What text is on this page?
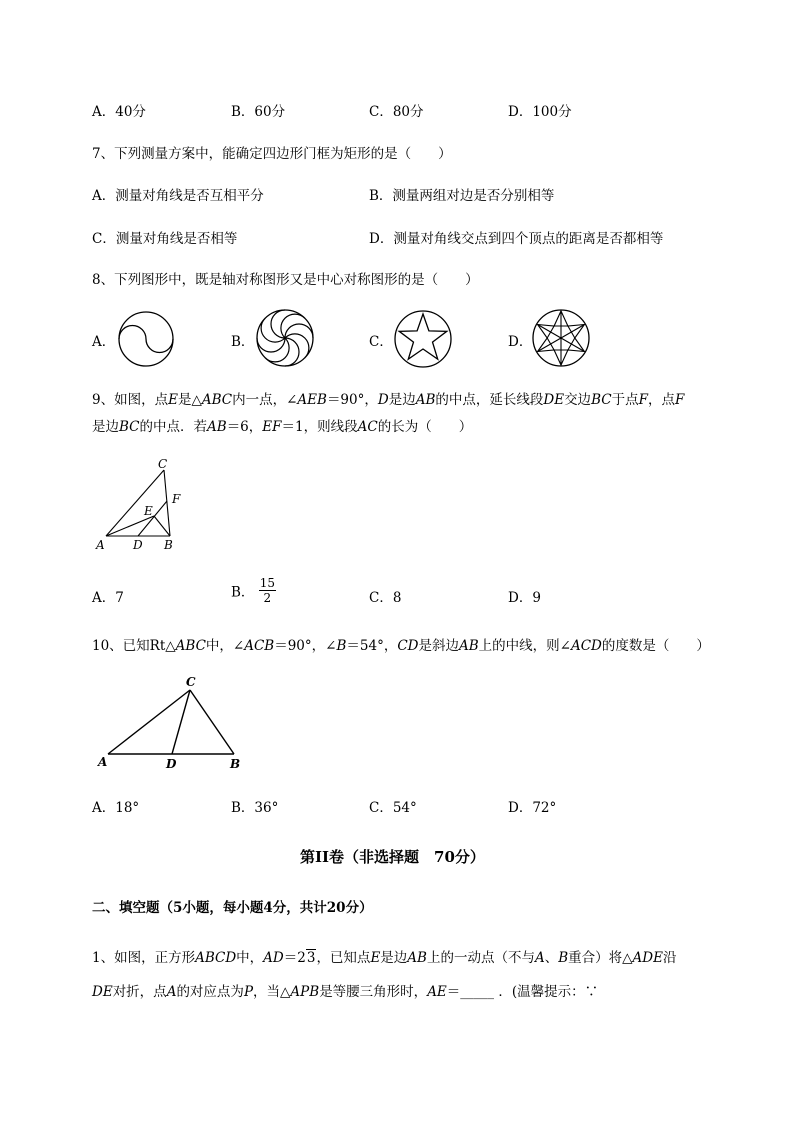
A．40分	B．60分	C．80分	D．100分
7、下列测量方案中，能确定四边形门框为矩形的是（　　）
A．测量对角线是否互相平分	B．测量两组对边是否分别相等
C．测量对角线是否相等	D．测量对角线交点到四个顶点的距离是否都相等
8、下列图形中，既是轴对称图形又是中心对称图形的是（　　）
A．	B．	C．	D．
9、如图，点E是△ABC内一点，∠AEB＝90°，D是边AB的中点，延长线段DE交边BC于点F，点F
是边BC的中点．若AB＝6，EF＝1，则线段AC的长为（　　）
C
F
E
A D B
A．7	B． $\frac{15}{2}$	C．8	D．9
10、已知Rt△ABC中，∠ACB＝90°，∠B＝54°，CD是斜边AB上的中线，则∠ACD的度数是（　　）
C
A	D	B
A．18°	B．36°	C．54°	D．72°
第II卷（非选择题　70分）
二、填空题（5小题，每小题4分，共计20分）
1、如图，正方形ABCD中，AD＝23，已知点E是边AB上的一动点（不与A、B重合）将△ADE沿
DE对折，点A的对应点为P，当△APB是等腰三角形时，AE＝_____ ．(温馨提示：∵
